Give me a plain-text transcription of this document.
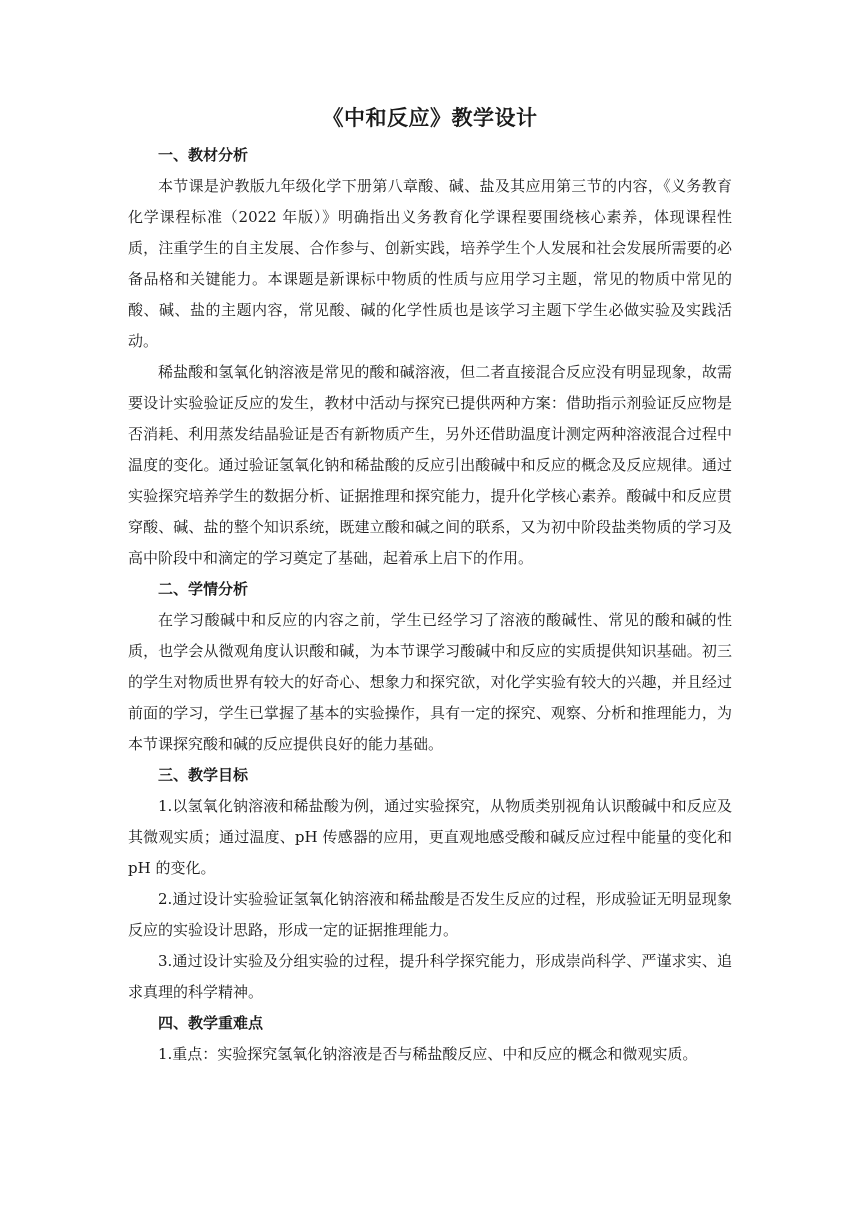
《中和反应》教学设计

一、教材分析

本节课是沪教版九年级化学下册第八章酸、碱、盐及其应用第三节的内容，《义务教育化学课程标准（2022 年版）》明确指出义务教育化学课程要围绕核心素养，体现课程性质，注重学生的自主发展、合作参与、创新实践，培养学生个人发展和社会发展所需要的必备品格和关键能力。本课题是新课标中物质的性质与应用学习主题，常见的物质中常见的酸、碱、盐的主题内容，常见酸、碱的化学性质也是该学习主题下学生必做实验及实践活动。

稀盐酸和氢氧化钠溶液是常见的酸和碱溶液，但二者直接混合反应没有明显现象，故需要设计实验验证反应的发生，教材中活动与探究已提供两种方案：借助指示剂验证反应物是否消耗、利用蒸发结晶验证是否有新物质产生，另外还借助温度计测定两种溶液混合过程中温度的变化。通过验证氢氧化钠和稀盐酸的反应引出酸碱中和反应的概念及反应规律。通过实验探究培养学生的数据分析、证据推理和探究能力，提升化学核心素养。酸碱中和反应贯穿酸、碱、盐的整个知识系统，既建立酸和碱之间的联系，又为初中阶段盐类物质的学习及高中阶段中和滴定的学习奠定了基础，起着承上启下的作用。

二、学情分析

在学习酸碱中和反应的内容之前，学生已经学习了溶液的酸碱性、常见的酸和碱的性质，也学会从微观角度认识酸和碱，为本节课学习酸碱中和反应的实质提供知识基础。初三的学生对物质世界有较大的好奇心、想象力和探究欲，对化学实验有较大的兴趣，并且经过前面的学习，学生已掌握了基本的实验操作，具有一定的探究、观察、分析和推理能力，为本节课探究酸和碱的反应提供良好的能力基础。

三、教学目标

1.以氢氧化钠溶液和稀盐酸为例，通过实验探究，从物质类别视角认识酸碱中和反应及其微观实质；通过温度、pH 传感器的应用，更直观地感受酸和碱反应过程中能量的变化和 pH 的变化。

2.通过设计实验验证氢氧化钠溶液和稀盐酸是否发生反应的过程，形成验证无明显现象反应的实验设计思路，形成一定的证据推理能力。

3.通过设计实验及分组实验的过程，提升科学探究能力，形成崇尚科学、严谨求实、追求真理的科学精神。

四、教学重难点

1.重点：实验探究氢氧化钠溶液是否与稀盐酸反应、中和反应的概念和微观实质。
